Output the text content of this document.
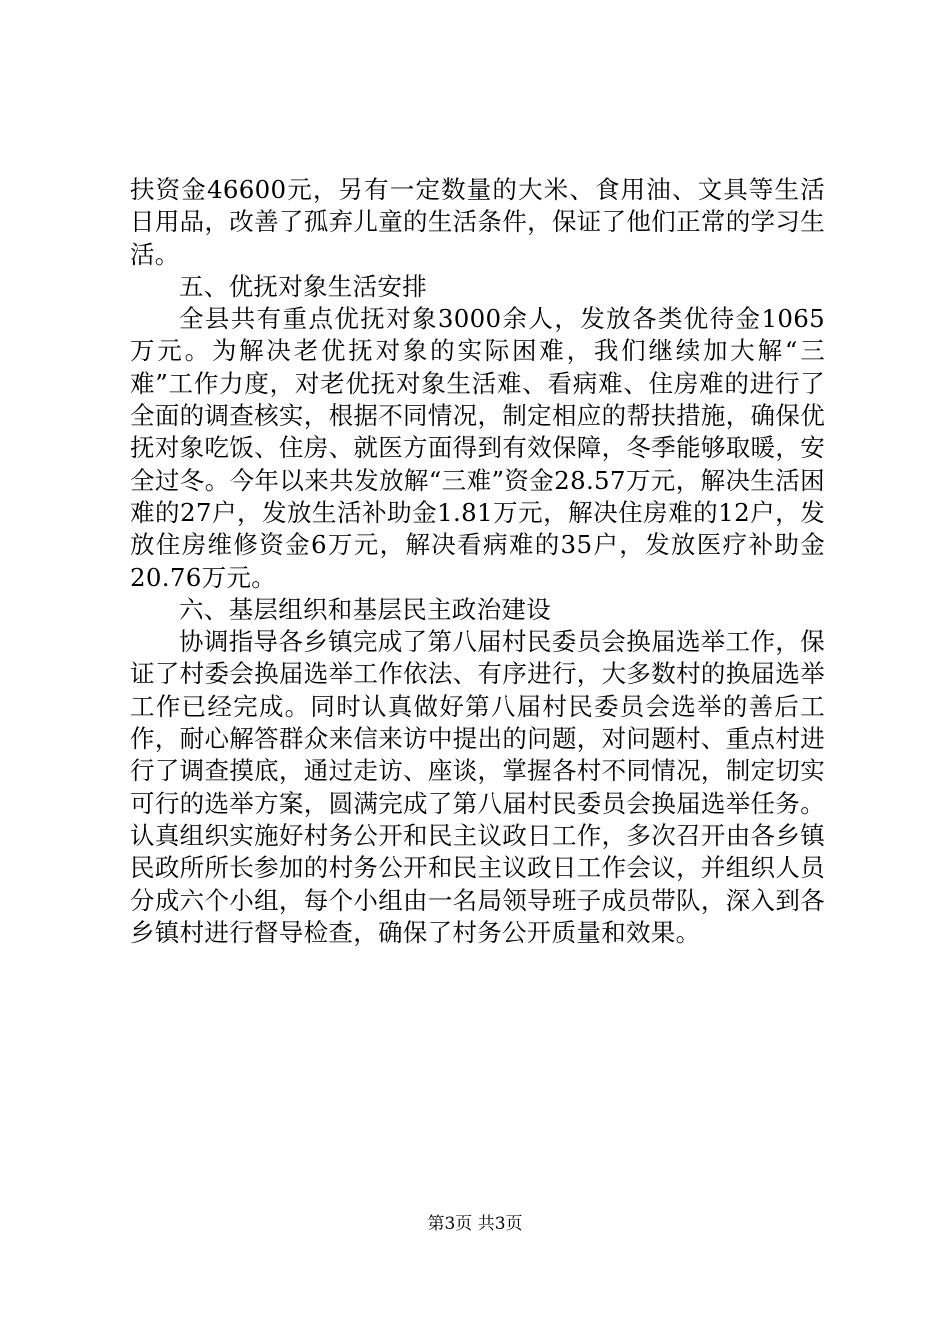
扶资金46600元，另有一定数量的大米、食用油、文具等生活日用品，改善了孤弃儿童的生活条件，保证了他们正常的学习生活。

五、优抚对象生活安排

全县共有重点优抚对象3000余人，发放各类优待金1065万元。为解决老优抚对象的实际困难，我们继续加大解“三难”工作力度，对老优抚对象生活难、看病难、住房难的进行了全面的调查核实，根据不同情况，制定相应的帮扶措施，确保优抚对象吃饭、住房、就医方面得到有效保障，冬季能够取暖，安全过冬。今年以来共发放解“三难”资金28.57万元，解决生活困难的27户，发放生活补助金1.81万元，解决住房难的12户，发放住房维修资金6万元，解决看病难的35户，发放医疗补助金20.76万元。

六、基层组织和基层民主政治建设

协调指导各乡镇完成了第八届村民委员会换届选举工作，保证了村委会换届选举工作依法、有序进行，大多数村的换届选举工作已经完成。同时认真做好第八届村民委员会选举的善后工作，耐心解答群众来信来访中提出的问题，对问题村、重点村进行了调查摸底，通过走访、座谈，掌握各村不同情况，制定切实可行的选举方案，圆满完成了第八届村民委员会换届选举任务。认真组织实施好村务公开和民主议政日工作，多次召开由各乡镇民政所所长参加的村务公开和民主议政日工作会议，并组织人员分成六个小组，每个小组由一名局领导班子成员带队，深入到各乡镇村进行督导检查，确保了村务公开质量和效果。

第3页 共3页
